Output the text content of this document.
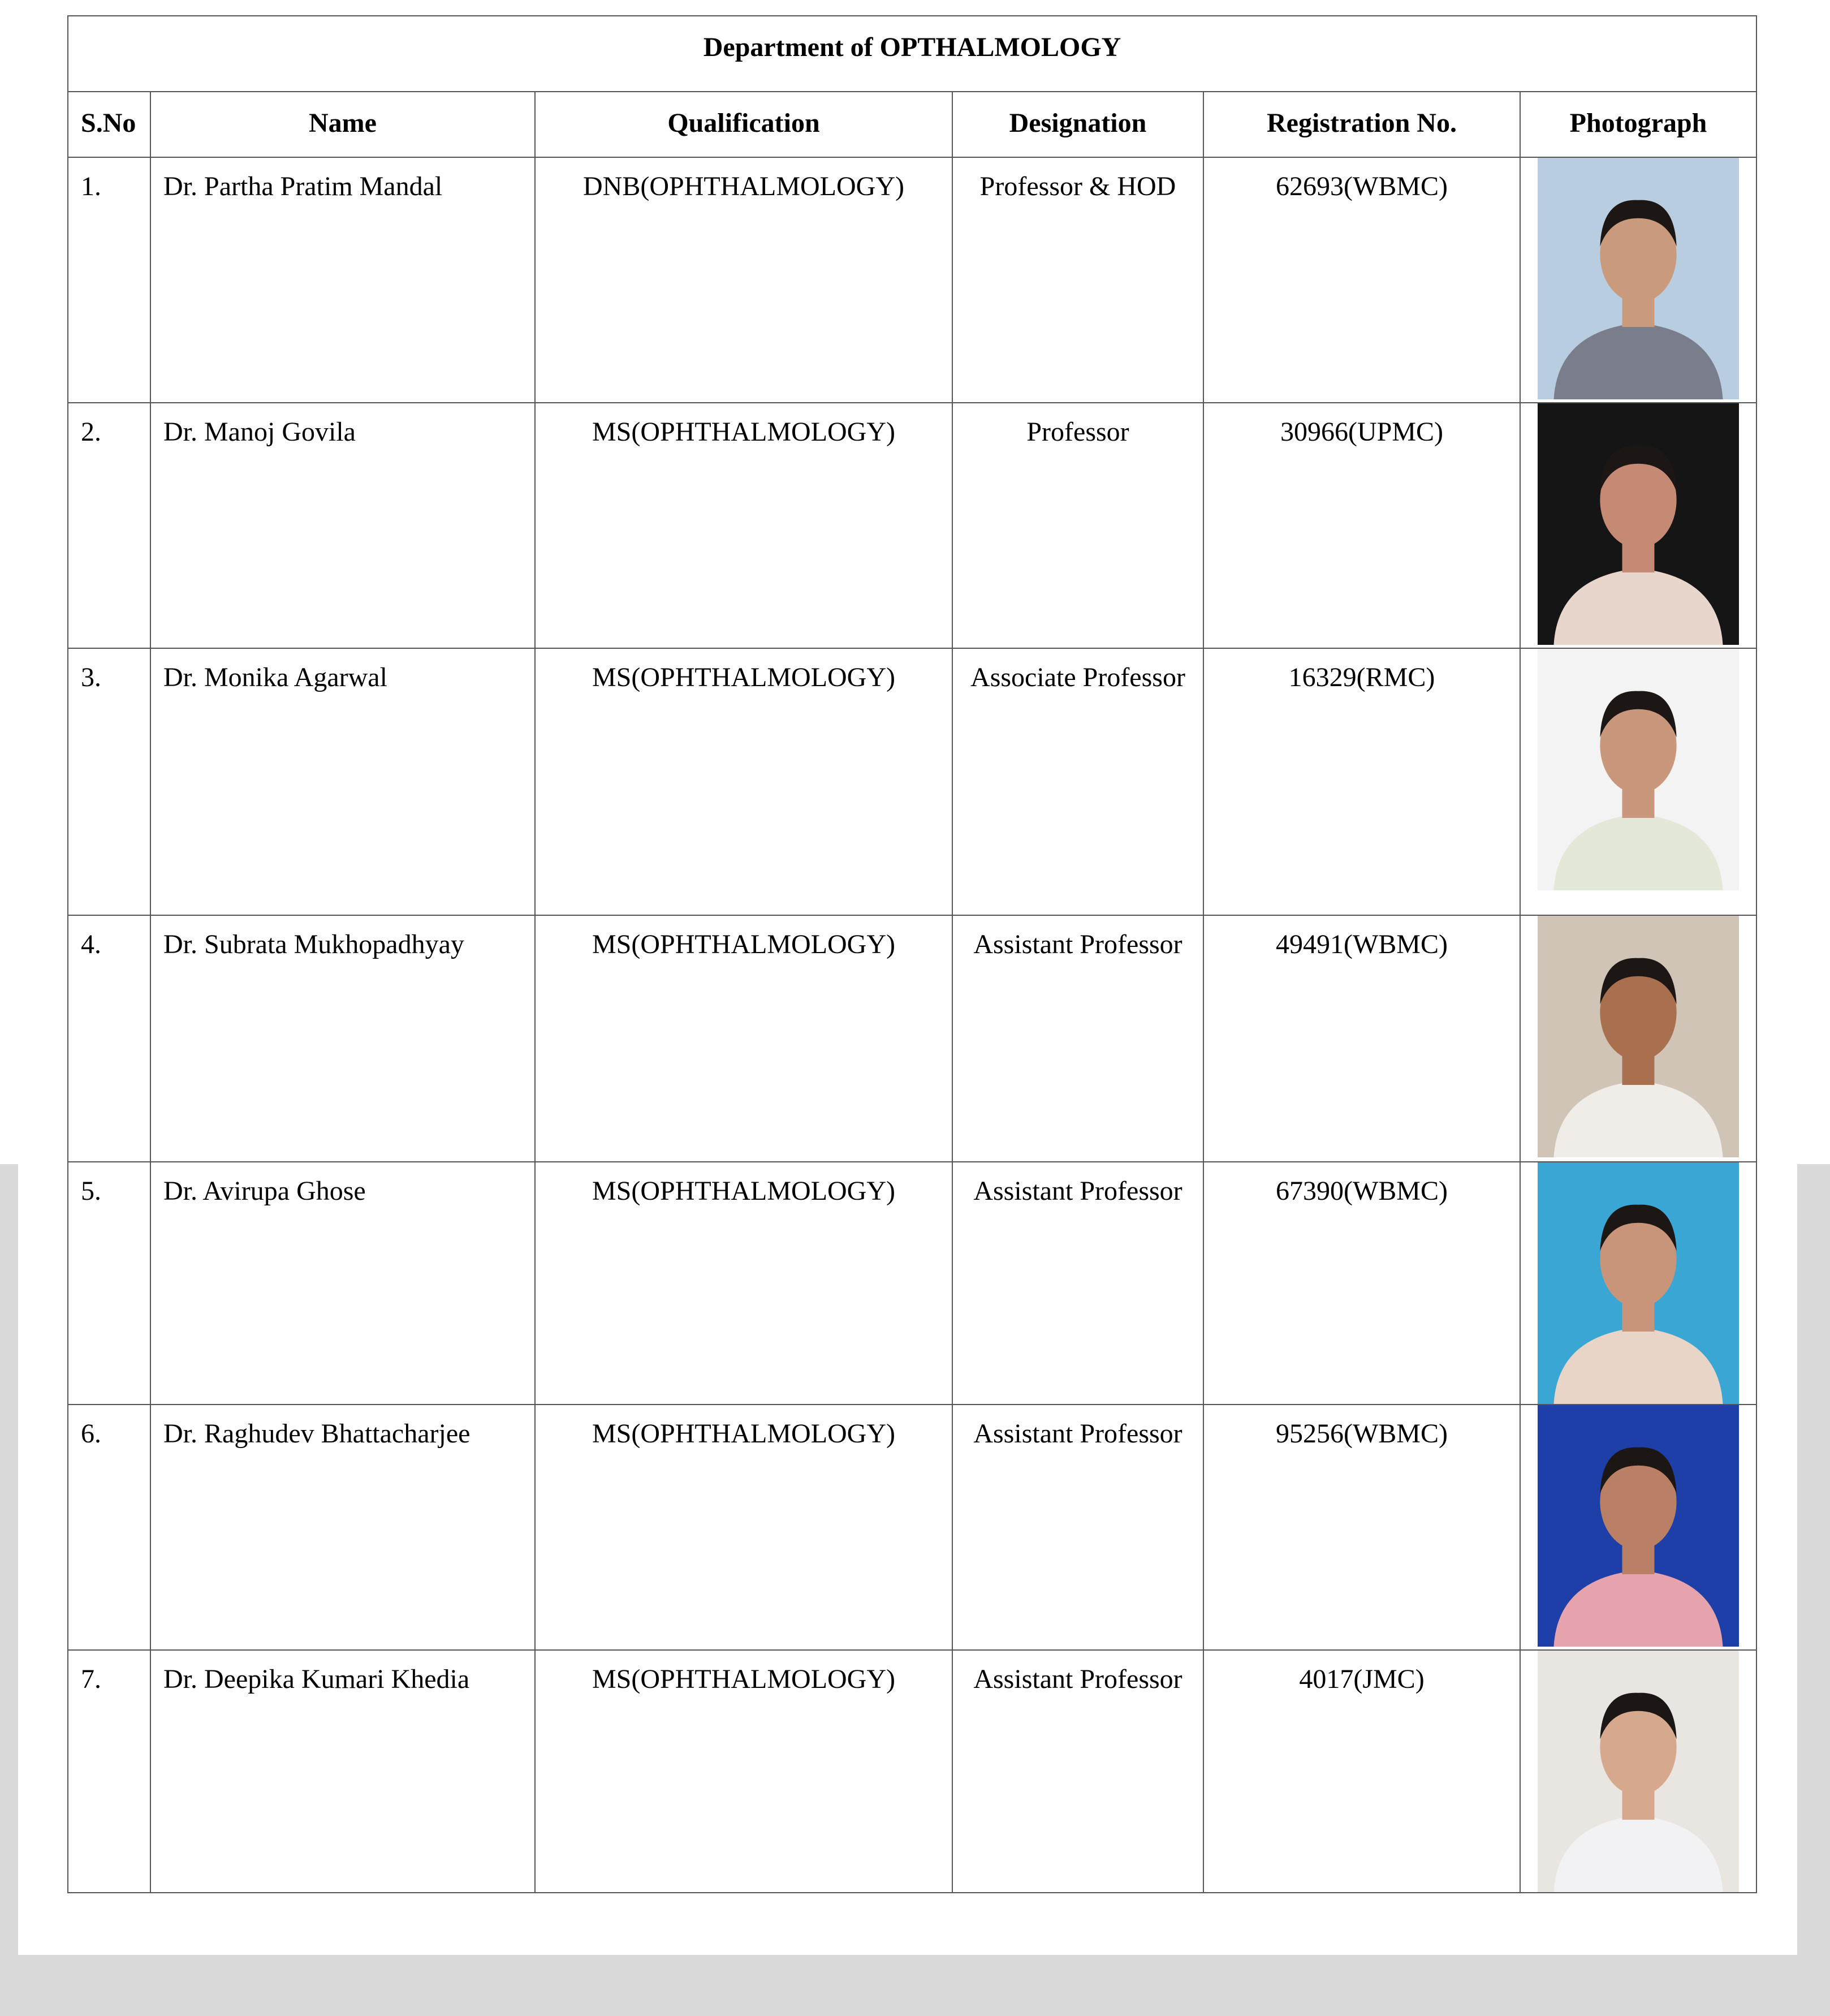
Department of OPTHALMOLOGY					
S.No	Name	Qualification	Designation	Registration No.	Photograph
1.	Dr. Partha Pratim Mandal	DNB(OPHTHALMOLOGY)	Professor & HOD	62693(WBMC)	

2.	Dr. Manoj Govila	MS(OPHTHALMOLOGY)	Professor	30966(UPMC)	

3.	Dr. Monika Agarwal	MS(OPHTHALMOLOGY)	Associate Professor	16329(RMC)	

4.	Dr. Subrata Mukhopadhyay	MS(OPHTHALMOLOGY)	Assistant Professor	49491(WBMC)	

5.	Dr. Avirupa Ghose	MS(OPHTHALMOLOGY)	Assistant Professor	67390(WBMC)	

6.	Dr. Raghudev Bhattacharjee	MS(OPHTHALMOLOGY)	Assistant Professor	95256(WBMC)	

7.	Dr. Deepika Kumari Khedia	MS(OPHTHALMOLOGY)	Assistant Professor	4017(JMC)	
